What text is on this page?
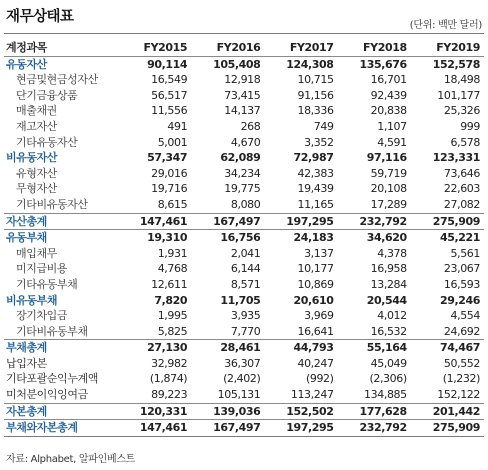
재무상태표
(단위: 백만 달러)
계정과목	FY2015	FY2016	FY2017	FY2018	FY2019
유동자산	90,114	105,408	124,308	135,676	152,578
현금및현금성자산	16,549	12,918	10,715	16,701	18,498
단기금융상품	56,517	73,415	91,156	92,439	101,177
매출채권	11,556	14,137	18,336	20,838	25,326
재고자산	491	268	749	1,107	999
기타유동자산	5,001	4,670	3,352	4,591	6,578
비유동자산	57,347	62,089	72,987	97,116	123,331
유형자산	29,016	34,234	42,383	59,719	73,646
무형자산	19,716	19,775	19,439	20,108	22,603
기타비유동자산	8,615	8,080	11,165	17,289	27,082
자산총계	147,461	167,497	197,295	232,792	275,909
유동부채	19,310	16,756	24,183	34,620	45,221
매입채무	1,931	2,041	3,137	4,378	5,561
미지급비용	4,768	6,144	10,177	16,958	23,067
기타유동부채	12,611	8,571	10,869	13,284	16,593
비유동부채	7,820	11,705	20,610	20,544	29,246
장기차입금	1,995	3,935	3,969	4,012	4,554
기타비유동부채	5,825	7,770	16,641	16,532	24,692
부채총계	27,130	28,461	44,793	55,164	74,467
납입자본	32,982	36,307	40,247	45,049	50,552
기타포괄순익누계액	(1,874)	(2,402)	(992)	(2,306)	(1,232)
미처분이익잉여금	89,223	105,131	113,247	134,885	152,122
자본총계	120,331	139,036	152,502	177,628	201,442
부채와자본총계	147,461	167,497	197,295	232,792	275,909
자료: Alphabet, 알파인베스트
